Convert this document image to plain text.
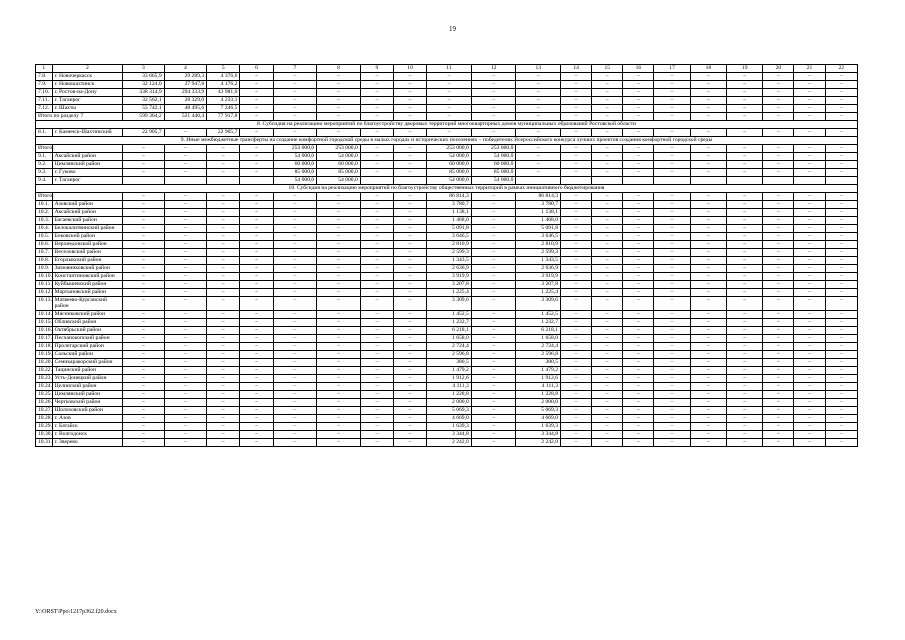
19
1	2	3	4	5	6	7	8	9	10	11	12	13	14	15	16	17	18	19	20	21	22
7.8.	г. Новочеркасск	33 665,9	29 289,3	4 376,6	–	–	–	–	–	–	–	–	–	–	–	–	–	–	–	–	–
7.9.	г. Новошахтинск	32 124,0	27 947,8	4 176,2	–	–	–	–	–	–	–	–	–	–	–	–	–	–	–	–	–
7.10.	г. Ростов-на-Дону	338 314,9	294 333,9	43 981,0	–	–	–	–	–	–	–	–	–	–	–	–	–	–	–	–	–
7.11.	г. Таганрог	32 562,1	28 329,0	4 233,1	–	–	–	–	–	–	–	–	–	–	–	–	–	–	–	–	–
7.12.	г. Шахты	55 742,1	48 495,6	7 246,5	–	–	–	–	–	–	–	–	–	–	–	–	–	–	–	–	–
Итого по разделу 7		599 364,2	521 446,4	77 917,8	–	–	–	–	–	–	–	–	–	–	–	–	–	–	–	–	–
8. Субсидия на реализацию мероприятий по благоустройству дворовых территорий многоквартирных домов муниципальных образований Ростовской области																					
8.1.	г. Каменск-Шахтинский	22 905,7	–	22 905,7	–	–	–	–	–	–	–	–	–	–	–	–	–	–	–	–	–
9. Иные межбюджетные трансферты на создание комфортной городской среды в малых городах и исторических поселениях – победителях Всероссийского конкурса лучших проектов создания комфортной городской среды																					
Итого:		–	–	–	–	253 000,0	253 000,0	–	–	253 000,0	253 000,0	–	–	–	–	–	–	–	–	–	–
9.1.	Аксайский район	–	–	–	–	54 000,0	54 000,0	–	–	54 000,0	54 000,0	–	–	–	–	–	–	–	–	–	–
9.2.	Цимлянский район	–	–	–	–	60 000,0	60 000,0	–	–	60 000,0	60 000,0	–	–	–	–	–	–	–	–	–	–
9.3.	г. Гуково	–	–	–	–	85 000,0	85 000,0	–	–	85 000,0	85 000,0	–	–	–	–	–	–	–	–	–	–
9.4.	г. Таганрог					54 000,0	54 000,0			54 000,0	54 000,0										
10. Субсидия на реализацию мероприятий по благоустройству общественных территорий в рамках инициативного бюджетирования																					
Итого:		–	–	–	–	–	–	–	–	86 814,3	–	86 814,3	–	–	–	–	–	–	–	–	–
10.1.	Азовский район	–	–	–	–	–	–	–	–	3 780,7	–	3 780,7	–	–	–	–	–	–	–	–	–
10.2.	Аксайский район	–	–	–	–	–	–	–	–	1 138,1	–	1 138,1	–	–	–	–	–	–	–	–	–
10.3.	Багаевский район	–	–	–	–	–	–	–	–	1 468,0	–	1 468,0	–	–	–	–	–	–	–	–	–
10.4.	Белокалитвинский район	–	–	–	–	–	–	–	–	5 091,8	–	5 091,8	–	–	–	–	–	–	–	–	–
10.5.	Боковский район	–	–	–	–	–	–	–	–	3 646,5	–	3 646,5	–	–	–	–	–	–	–	–	–
10.6.	Верхнедонской район	–	–	–	–	–	–	–	–	2 810,9	–	2 810,9	–	–	–	–	–	–	–	–	–
10.7.	Веселовский район	–	–	–	–	–	–	–	–	2 599,3	–	2 599,3	–	–	–	–	–	–	–	–	–
10.8.	Егорлыкский район	–	–	–	–	–	–	–	–	1 343,5	–	1 343,5	–	–	–	–	–	–	–	–	–
10.9.	Зимовниковский район	–	–	–	–	–	–	–	–	2 636,9	–	2 636,9	–	–	–	–	–	–	–	–	–
10.10.	Константиновский район	–	–	–	–	–	–	–	–	3 919,9	–	3 919,9	–	–	–	–	–	–	–	–	–
10.11.	Куйбышевский район	–	–	–	–	–	–	–	–	3 207,8	–	3 207,8	–	–	–	–	–	–	–	–	–
10.12.	Мартыновский район	–	–	–	–	–	–	–	–	1 225,4	–	1 225,4	–	–	–	–	–	–	–	–	–
10.13.	Матвеево-Курганский район	–	–	–	–	–	–	–	–	3 309,6	–	3 309,6	–	–	–	–	–	–	–	–	–
10.14.	Мясниковский район	–	–	–	–	–	–	–	–	1 452,5	–	1 452,5	–	–	–	–	–	–	–	–	–
10.15.	Обливский район	–	–	–	–	–	–	–	–	1 232,7	–	1 232,7	–	–	–	–	–	–	–	–	–
10.16.	Октябрьский район	–	–	–	–	–	–	–	–	6 218,1	–	6 218,1	–	–	–	–	–	–	–	–	–
10.17.	Песчанокопский район	–	–	–	–	–	–	–	–	1 658,0	–	1 658,0	–	–	–	–	–	–	–	–	–
10.18.	Пролетарский район	–	–	–	–	–	–	–	–	2 724,4	–	2 724,4	–	–	–	–	–	–	–	–	–
10.19.	Сальский район	–	–	–	–	–	–	–	–	2 596,8	–	2 596,8	–	–	–	–	–	–	–	–	–
10.20.	Семикаракорский район	–	–	–	–	–	–	–	–	380,5	–	380,5	–	–	–	–	–	–	–	–	–
10.22.	Тацинский район	–	–	–	–	–	–	–	–	1 479,2	–	1 479,2	–	–	–	–	–	–	–	–	–
10.23.	Усть-Донецкий район	–	–	–	–	–	–	–	–	1 912,6	–	1 912,6	–	–	–	–	–	–	–	–	–
10.24.	Целинский район	–	–	–	–	–	–	–	–	4 111,3	–	4 111,3	–	–	–	–	–	–	–	–	–
10.25.	Цимлянский район	–	–	–	–	–	–	–	–	1 228,8	–	1 228,8	–	–	–	–	–	–	–	–	–
10.26.	Чертковский район	–	–	–	–	–	–	–	–	2 000,0	–	2 000,0	–	–	–	–	–	–	–	–	–
10.27.	Шолоховский район	–	–	–	–	–	–	–	–	5 069,3	–	5 069,3	–	–	–	–	–	–	–	–	–
10.28.	г. Азов	–	–	–	–	–	–	–	–	4 669,0	–	4 669,0	–	–	–	–	–	–	–	–	–
10.29.	г. Батайск	–	–	–	–	–	–	–	–	1 639,3	–	1 639,3	–	–	–	–	–	–	–	–	–
10.30.	г. Волгодонск	–	–	–	–	–	–	–	–	3 344,8	–	3 344,8	–	–	–	–	–	–	–	–	–
10.31.	г. Зверево	–	–	–	–	–	–	–	–	2 242,0	–	2 242,0	–	–	–	–	–	–	–	–	–
Y:\ORST\Ppo\1217p362.f20.docx
